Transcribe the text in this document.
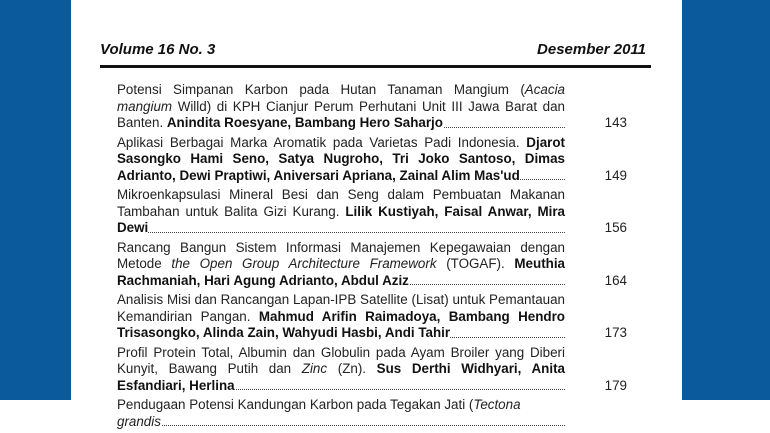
Volume 16 No. 3	Desember 2011
Potensi Simpanan Karbon pada Hutan Tanaman Mangium (Acacia mangium Willd) di KPH Cianjur Perum Perhutani Unit III Jawa Barat dan Banten. Anindita Roesyane, Bambang Hero Saharjo	143
Aplikasi Berbagai Marka Aromatik pada Varietas Padi Indonesia. Djarot Sasongko Hami Seno, Satya Nugroho, Tri Joko Santoso, Dimas Adrianto, Dewi Praptiwi, Aniversari Apriana, Zainal Alim Mas'ud	149
Mikroenkapsulasi Mineral Besi dan Seng dalam Pembuatan Makanan Tambahan untuk Balita Gizi Kurang. Lilik Kustiyah, Faisal Anwar, Mira Dewi	156
Rancang Bangun Sistem Informasi Manajemen Kepegawaian dengan Metode the Open Group Architecture Framework (TOGAF). Meuthia Rachmaniah, Hari Agung Adrianto, Abdul Aziz	164
Analisis Misi dan Rancangan Lapan-IPB Satellite (Lisat) untuk Pemantauan Kemandirian Pangan. Mahmud Arifin Raimadoya, Bambang Hendro Trisasongko, Alinda Zain, Wahyudi Hasbi, Andi Tahir	173
Profil Protein Total, Albumin dan Globulin pada Ayam Broiler yang Diberi Kunyit, Bawang Putih dan Zinc (Zn). Sus Derthi Widhyari, Anita Esfandiari, Herlina	179
Pendugaan Potensi Kandungan Karbon pada Tegakan Jati (Tectona grandis
